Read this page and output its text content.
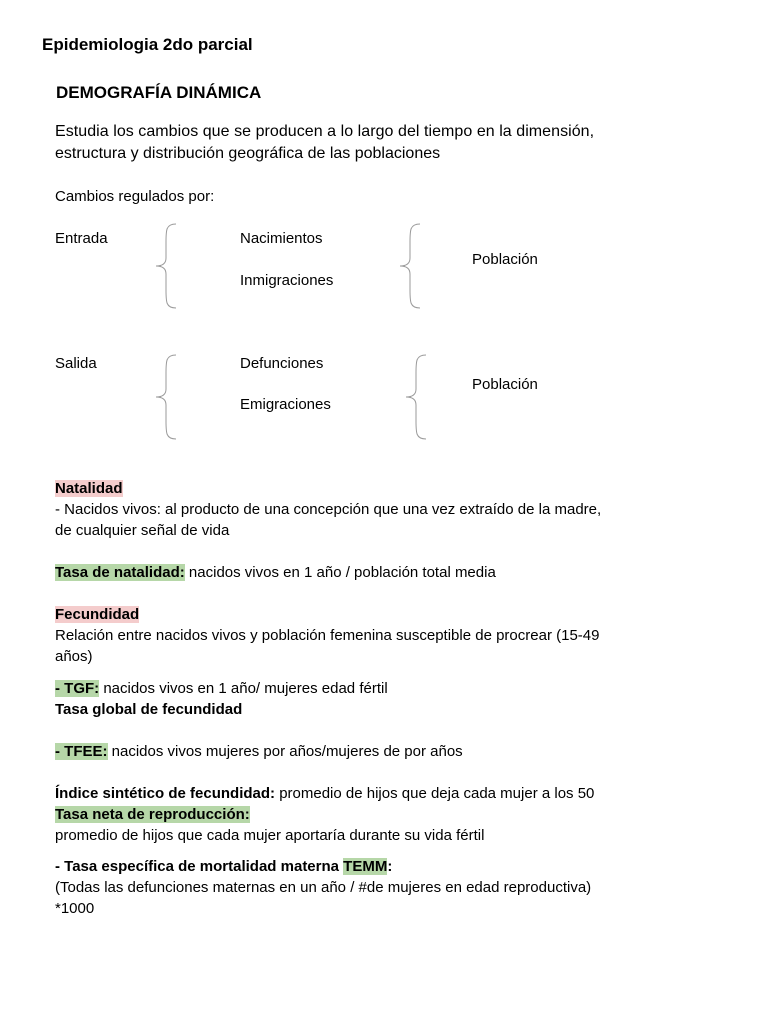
Epidemiologia 2do parcial
DEMOGRAFÍA DINÁMICA
Estudia los cambios que se producen a lo largo del tiempo en la dimensión,
estructura y distribución geográfica de las poblaciones
Cambios regulados por:
Entrada	Nacimientos
Inmigraciones
Población
Salida	Defunciones
Emigraciones
Población
Natalidad
- Nacidos vivos: al producto de una concepción que una vez extraído de la madre,
de cualquier señal de vida
Tasa de natalidad: nacidos vivos en 1 año / población total media
Fecundidad
Relación entre nacidos vivos y población femenina susceptible de procrear (15-49
años)
- TGF: nacidos vivos en 1 año/ mujeres edad fértil
Tasa global de fecundidad
- TFEE: nacidos vivos mujeres por años/mujeres de por años
Índice sintético de fecundidad: promedio de hijos que deja cada mujer a los 50
Tasa neta de reproducción:
promedio de hijos que cada mujer aportaría durante su vida fértil
- Tasa específica de mortalidad materna TEMM:
(Todas las defunciones maternas en un año / #de mujeres en edad reproductiva)
*1000
